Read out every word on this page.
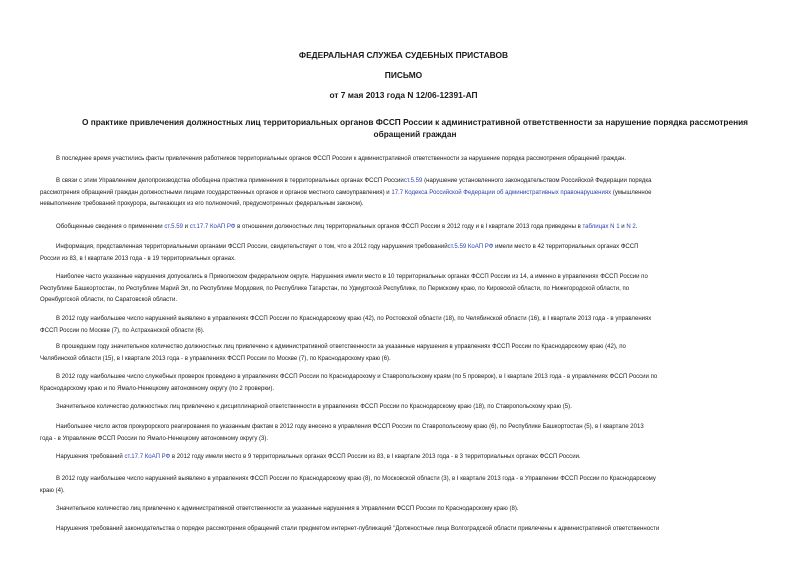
ФЕДЕРАЛЬНАЯ СЛУЖБА СУДЕБНЫХ ПРИСТАВОВ
ПИСЬМО
от 7 мая 2013 года N 12/06-12391-АП
О практике привлечения должностных лиц территориальных органов ФССП России к административной ответственности за нарушение порядка рассмотрения
обращений граждан
В последнее время участились факты привлечения работников территориальных органов ФССП России к административной ответственности за нарушение порядка рассмотрения обращений граждан.
В связи с этим Управлением делопроизводства обобщена практика применения в территориальных органах ФССП Россиист.5.59 (нарушение установленного законодательством Российской Федерации порядка
рассмотрения обращений граждан должностными лицами государственных органов и органов местного самоуправления) и 17.7 Кодекса Российской Федерации об административных правонарушениях (умышленное
невыполнение требований прокурора, вытекающих из его полномочий, предусмотренных федеральным законом).
Обобщенные сведения о применении ст.5.59 и ст.17.7 КоАП РФ в отношении должностных лиц территориальных органов ФССП России в 2012 году и в I квартале 2013 года приведены в таблицах N 1 и N 2.
Информация, представленная территориальными органами ФССП России, свидетельствует о том, что в 2012 году нарушения требованийст.5.59 КоАП РФ имели место в 42 территориальных органах ФССП
России из 83, в I квартале 2013 года - в 19 территориальных органах.
Наиболее часто указанные нарушения допускались в Приволжском федеральном округе. Нарушения имели место в 10 территориальных органах ФССП России из 14, а именно в управлениях ФССП России по
Республике Башкортостан, по Республике Марий Эл, по Республике Мордовия, по Республике Татарстан, по Удмуртской Республике, по Пермскому краю, по Кировской области, по Нижегородской области, по
Оренбургской области, по Саратовской области.
В 2012 году наибольшее число нарушений выявлено в управлениях ФССП России по Краснодарскому краю (42), по Ростовской области (18), по Челябинской области (16), в I квартале 2013 года - в управлениях
ФССП России по Москве (7), по Астраханской области (6).
В прошедшем году значительное количество должностных лиц привлечено к административной ответственности за указанные нарушения в управлениях ФССП России по Краснодарскому краю (42), по
Челябинской области (15), в I квартале 2013 года - в управлениях ФССП России по Москве (7), по Краснодарскому краю (6).
В 2012 году наибольшее число служебных проверок проведено в управлениях ФССП России по Краснодарскому и Ставропольскому краям (по 5 проверок), в I квартале 2013 года - в управлениях ФССП России по
Краснодарскому краю и по Ямало-Ненецкому автономному округу (по 2 проверки).
Значительное количество должностных лиц привлечено к дисциплинарной ответственности в управлениях ФССП России по Краснодарскому краю (18), по Ставропольскому краю (5).
Наибольшее число актов прокурорского реагирования по указанным фактам в 2012 году внесено в управления ФССП России по Ставропольскому краю (6), по Республике Башкортостан (5), в I квартале 2013
года - в Управление ФССП России по Ямало-Ненецкому автономному округу (3).
Нарушения требований ст.17.7 КоАП РФ в 2012 году имели место в 9 территориальных органах ФССП России из 83, в I квартале 2013 года - в 3 территориальных органах ФССП России.
В 2012 году наибольшее число нарушений выявлено в управлениях ФССП России по Краснодарскому краю (8), по Московской области (3), в I квартале 2013 года - в Управлении ФССП России по Краснодарскому
краю (4).
Значительное количество лиц привлечено к административной ответственности за указанные нарушения в Управлении ФССП России по Краснодарскому краю (8).
Нарушения требований законодательства о порядке рассмотрения обращений стали предметом интернет-публикаций "Должностные лица Волгоградской области привлечены к административной ответственности
